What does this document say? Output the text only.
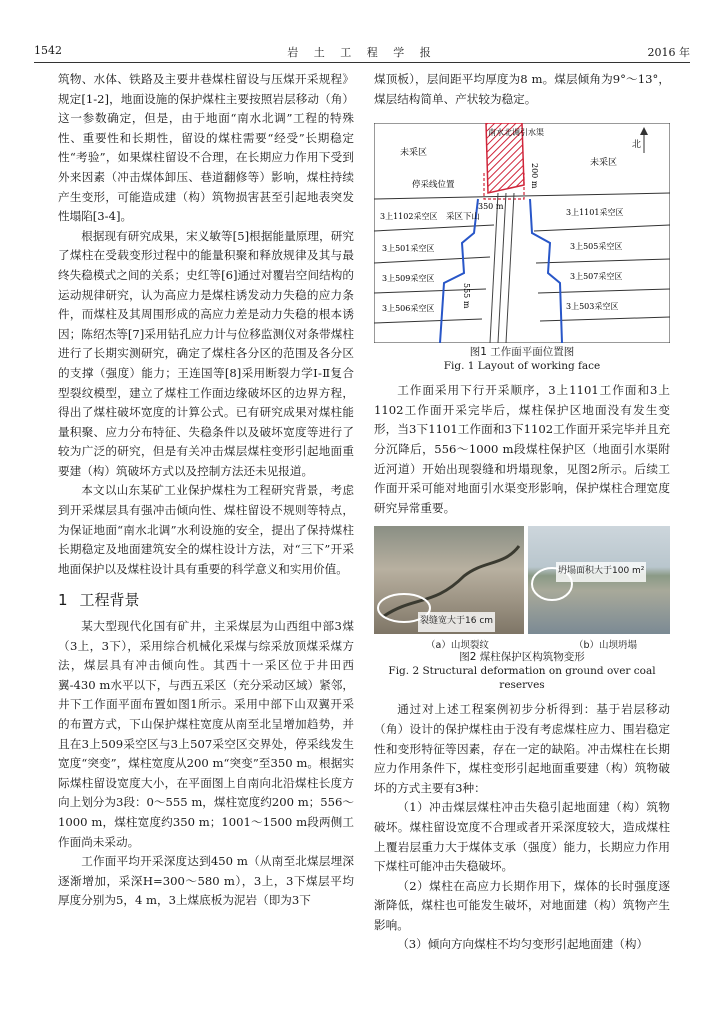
1542	岩 土 工 程 学 报	2016 年

筑物、水体、铁路及主要井巷煤柱留设与压煤开采规程》规定[1-2]，地面设施的保护煤柱主要按照岩层移动（角）这一参数确定，但是，由于地面“南水北调”工程的特殊性、重要性和长期性，留设的煤柱需要“经受”长期稳定性“考验”，如果煤柱留设不合理，在长期应力作用下受到外来因素（冲击煤体卸压、巷道翻修等）影响，煤柱持续产生变形，可能造成建（构）筑物损害甚至引起地表突发性塌陷[3-4]。

根据现有研究成果，宋义敏等[5]根据能量原理，研究了煤柱在受载变形过程中的能量积聚和释放规律及其与最终失稳模式之间的关系；史红等[6]通过对覆岩空间结构的运动规律研究，认为高应力是煤柱诱发动力失稳的应力条件，而煤柱及其周围形成的高应力差是动力失稳的根本诱因；陈绍杰等[7]采用钻孔应力计与位移监测仪对条带煤柱进行了长期实测研究，确定了煤柱各分区的范围及各分区的支撑（强度）能力；王连国等[8]采用断裂力学Ⅰ-Ⅱ复合型裂纹模型，建立了煤柱工作面边缘破坏区的边界方程，得出了煤柱破坏宽度的计算公式。已有研究成果对煤柱能量积聚、应力分布特征、失稳条件以及破坏宽度等进行了较为广泛的研究，但是有关冲击煤层煤柱变形引起地面重要建（构）筑破坏方式以及控制方法还未见报道。

本文以山东某矿工业保护煤柱为工程研究背景，考虑到开采煤层具有强冲击倾向性、煤柱留设不规则等特点，为保证地面“南水北调”水利设施的安全，提出了保持煤柱长期稳定及地面建筑安全的煤柱设计方法，对“三下”开采地面保护以及煤柱设计具有重要的科学意义和实用价值。

1 工程背景

某大型现代化国有矿井，主采煤层为山西组中部3煤（3上，3下），采用综合机械化采煤与综采放顶煤采煤方法，煤层具有冲击倾向性。其西十一采区位于井田西翼-430 m水平以下，与西五采区（充分采动区域）紧邻，井下工作面平面布置如图1所示。采用中部下山双翼开采的布置方式，下山保护煤柱宽度从南至北呈增加趋势，并且在3上509采空区与3上507采空区交界处，停采线发生宽度“突变”，煤柱宽度从200 m“突变”至350 m。根据实际煤柱留设宽度大小，在平面图上自南向北沿煤柱长度方向上划分为3段：0～555 m，煤柱宽度约200 m；556～1000 m，煤柱宽度约350 m；1001～1500 m段两侧工作面尚未采动。

工作面平均开采深度达到450 m（从南至北煤层埋深逐渐增加，采深H=300～580 m），3上，3下煤层平均厚度分别为5，4 m，3上煤底板为泥岩（即为3下

煤顶板），层间距平均厚度为8 m。煤层倾角为9°～13°，煤层结构简单、产状较为稳定。

北
南水北调引水渠
未采区
未采区
停采线位置
采区下山
350 m
200 m
555 m
3上1102采空区	3上1101采空区
3上501采空区	3上505采空区
3上509采空区	3上507采空区
3上506采空区	3上503采空区
图1 工作面平面位置图
Fig. 1 Layout of working face

工作面采用下行开采顺序，3上1101工作面和3上1102工作面开采完毕后，煤柱保护区地面没有发生变形，当3下1101工作面和3下1102工作面开采完毕并且充分沉降后，556～1000 m段煤柱保护区（地面引水渠附近河道）开始出现裂缝和坍塌现象，见图2所示。后续工作面开采可能对地面引水渠变形影响，保护煤柱合理宽度研究异常重要。

裂缝宽大于16 cm
坍塌面积大于100 m²
（a）山坝裂纹	（b）山坝坍塌
图2 煤柱保护区构筑物变形
Fig. 2 Structural deformation on ground over coal reserves

通过对上述工程案例初步分析得到：基于岩层移动（角）设计的保护煤柱由于没有考虑煤柱应力、围岩稳定性和变形特征等因素，存在一定的缺陷。冲击煤柱在长期应力作用条件下，煤柱变形引起地面重要建（构）筑物破坏的方式主要有3种：

（1）冲击煤层煤柱冲击失稳引起地面建（构）筑物破坏。煤柱留设宽度不合理或者开采深度较大，造成煤柱上覆岩层重力大于煤体支承（强度）能力，长期应力作用下煤柱可能冲击失稳破坏。

（2）煤柱在高应力长期作用下，煤体的长时强度逐渐降低，煤柱也可能发生破坏，对地面建（构）筑物产生影响。

（3）倾向方向煤柱不均匀变形引起地面建（构）
